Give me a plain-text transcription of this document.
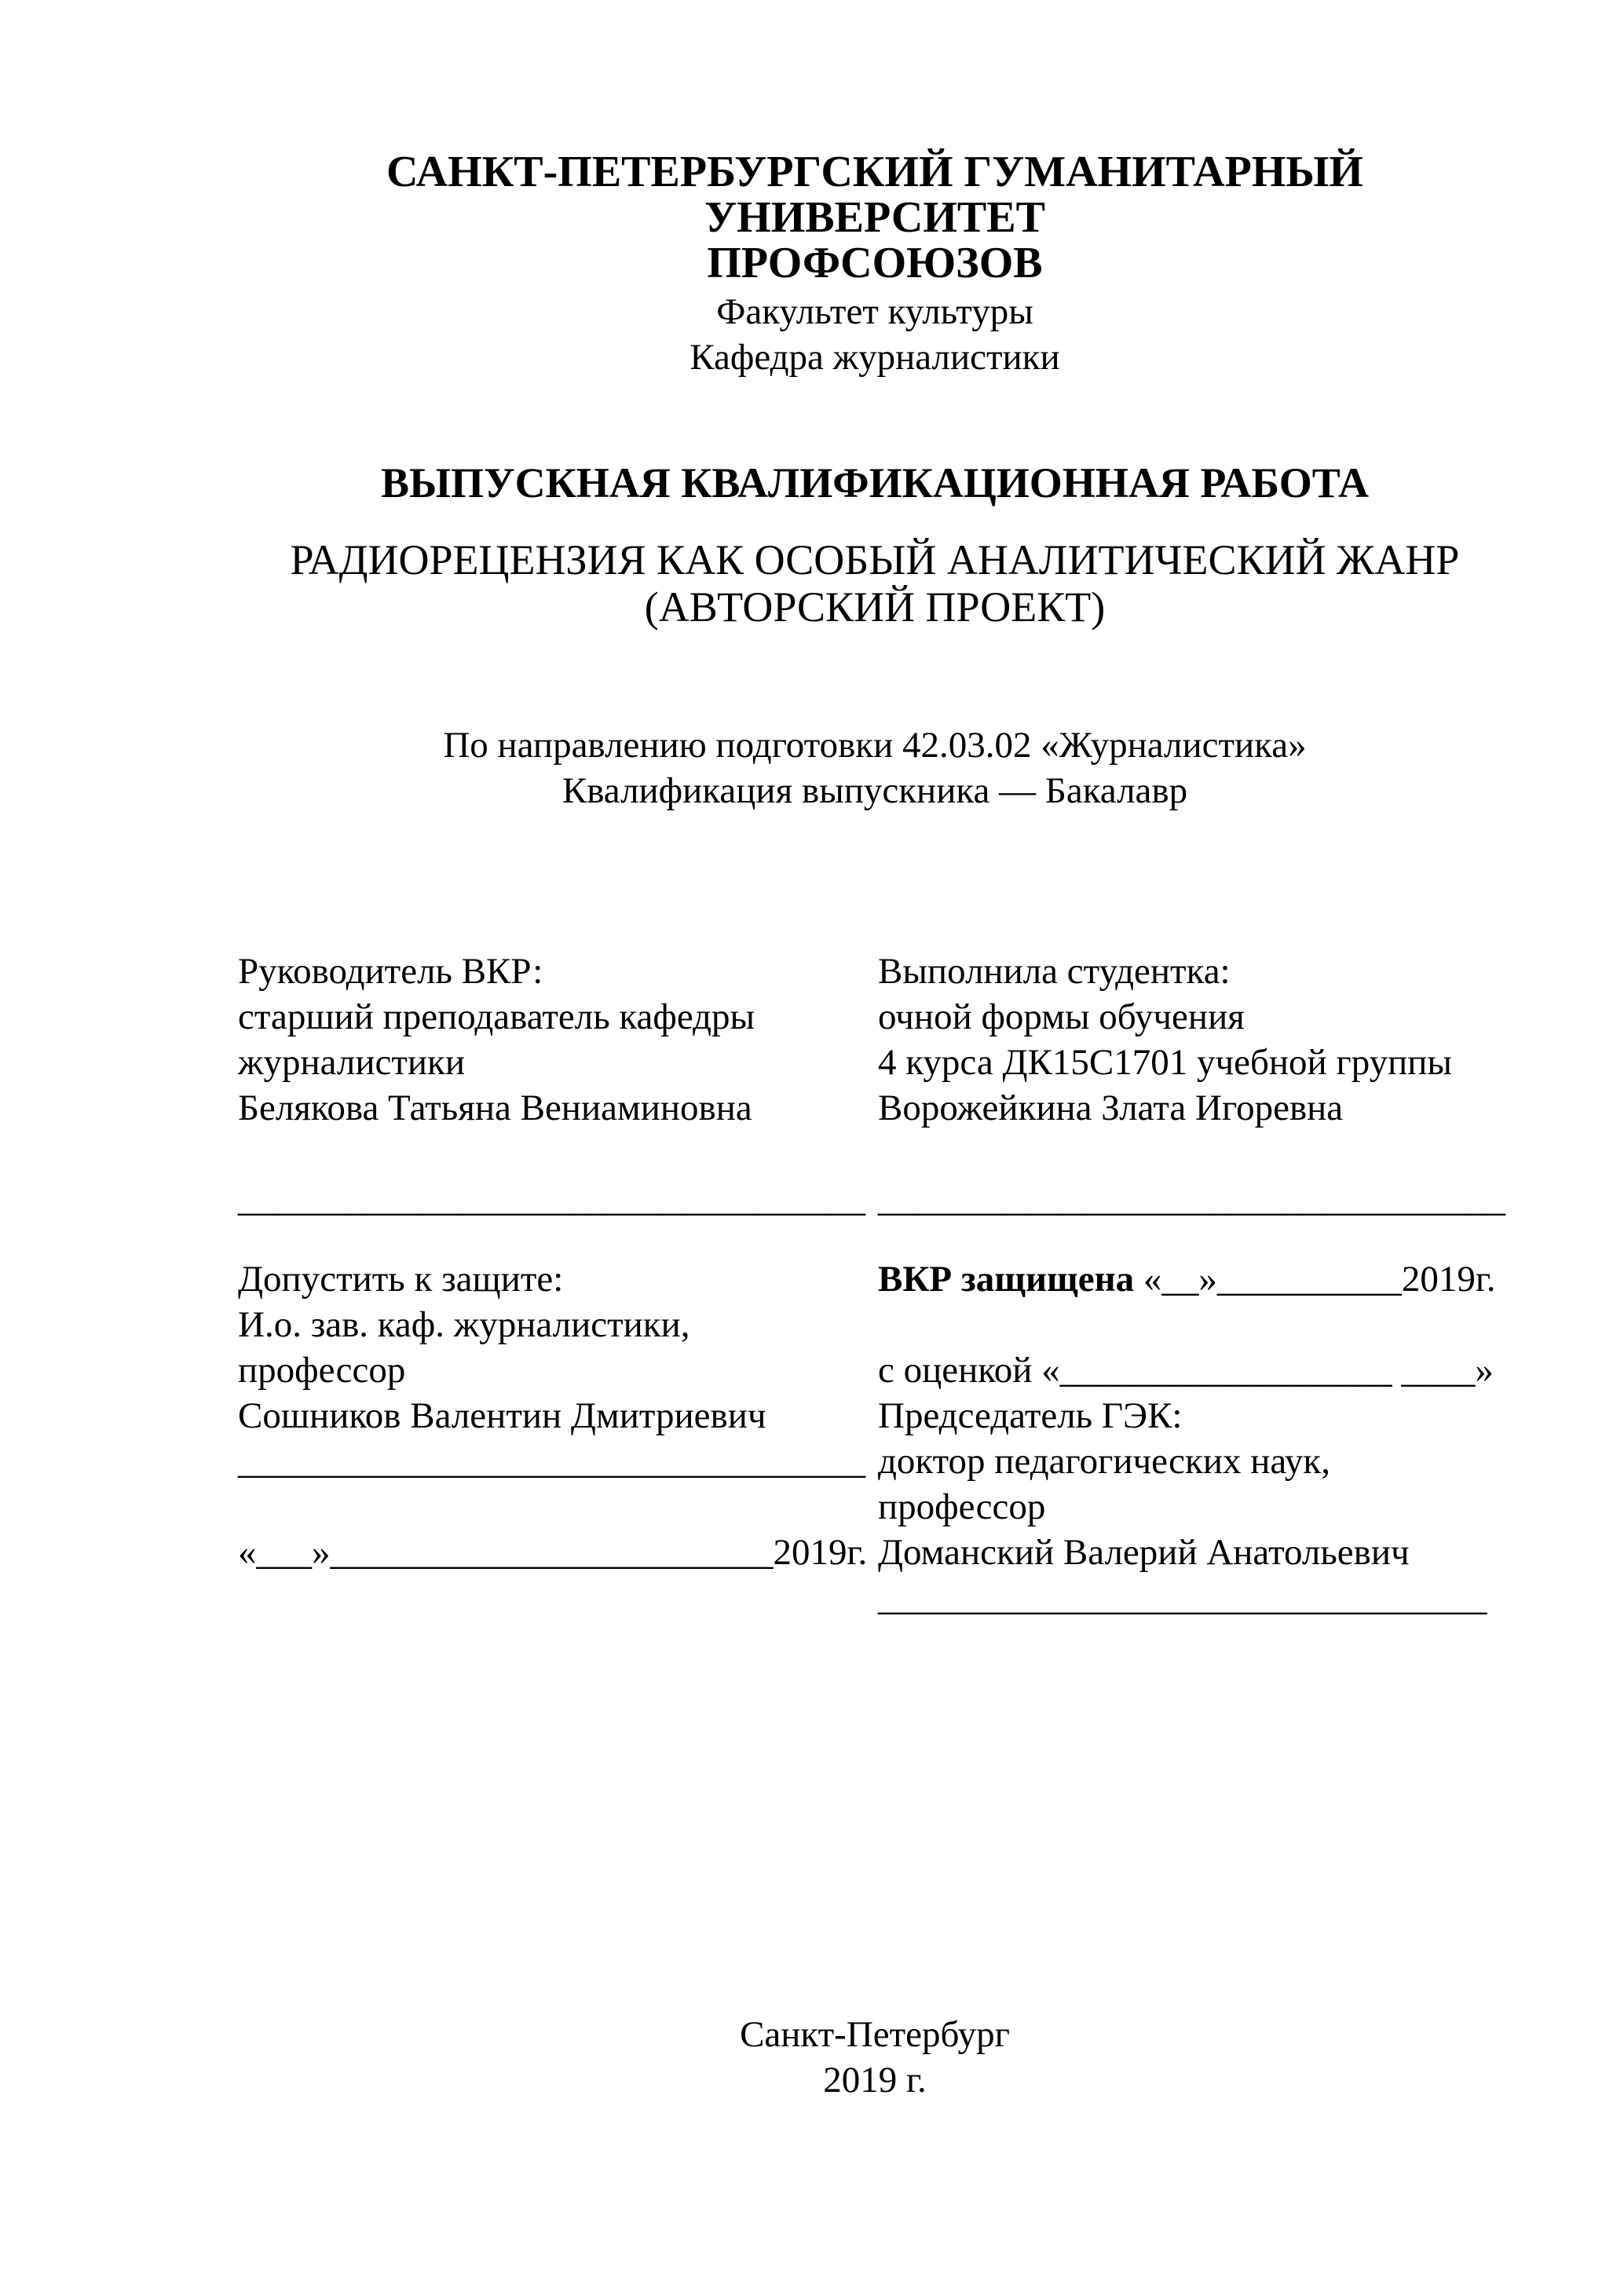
САНКТ-ПЕТЕРБУРГСКИЙ ГУМАНИТАРНЫЙ УНИВЕРСИТЕТ
ПРОФСОЮЗОВ
Факультет культуры
Кафедра журналистики
ВЫПУСКНАЯ КВАЛИФИКАЦИОННАЯ РАБОТА
РАДИОРЕЦЕНЗИЯ КАК ОСОБЫЙ АНАЛИТИЧЕСКИЙ ЖАНР
(АВТОРСКИЙ ПРОЕКТ)
По направлению подготовки 42.03.02 «Журналистика»
Квалификация выпускника — Бакалавр
Руководитель ВКР:
старший преподаватель кафедры
журналистики
Белякова Татьяна Вениаминовна
__________________________________
Выполнила студентка:
очной формы обучения
4 курса ДК15С1701 учебной группы
Ворожейкина Злата Игоревна
__________________________________
Допустить к защите:
И.о. зав. каф. журналистики,
профессор
Сошников Валентин Дмитриевич
__________________________________
«___»________________________2019г.
ВКР защищена «__»__________2019г.
с оценкой «__________________ ____»
Председатель ГЭК:
доктор педагогических наук,
профессор
Доманский Валерий Анатольевич
_________________________________
Санкт-Петербург
2019 г.
